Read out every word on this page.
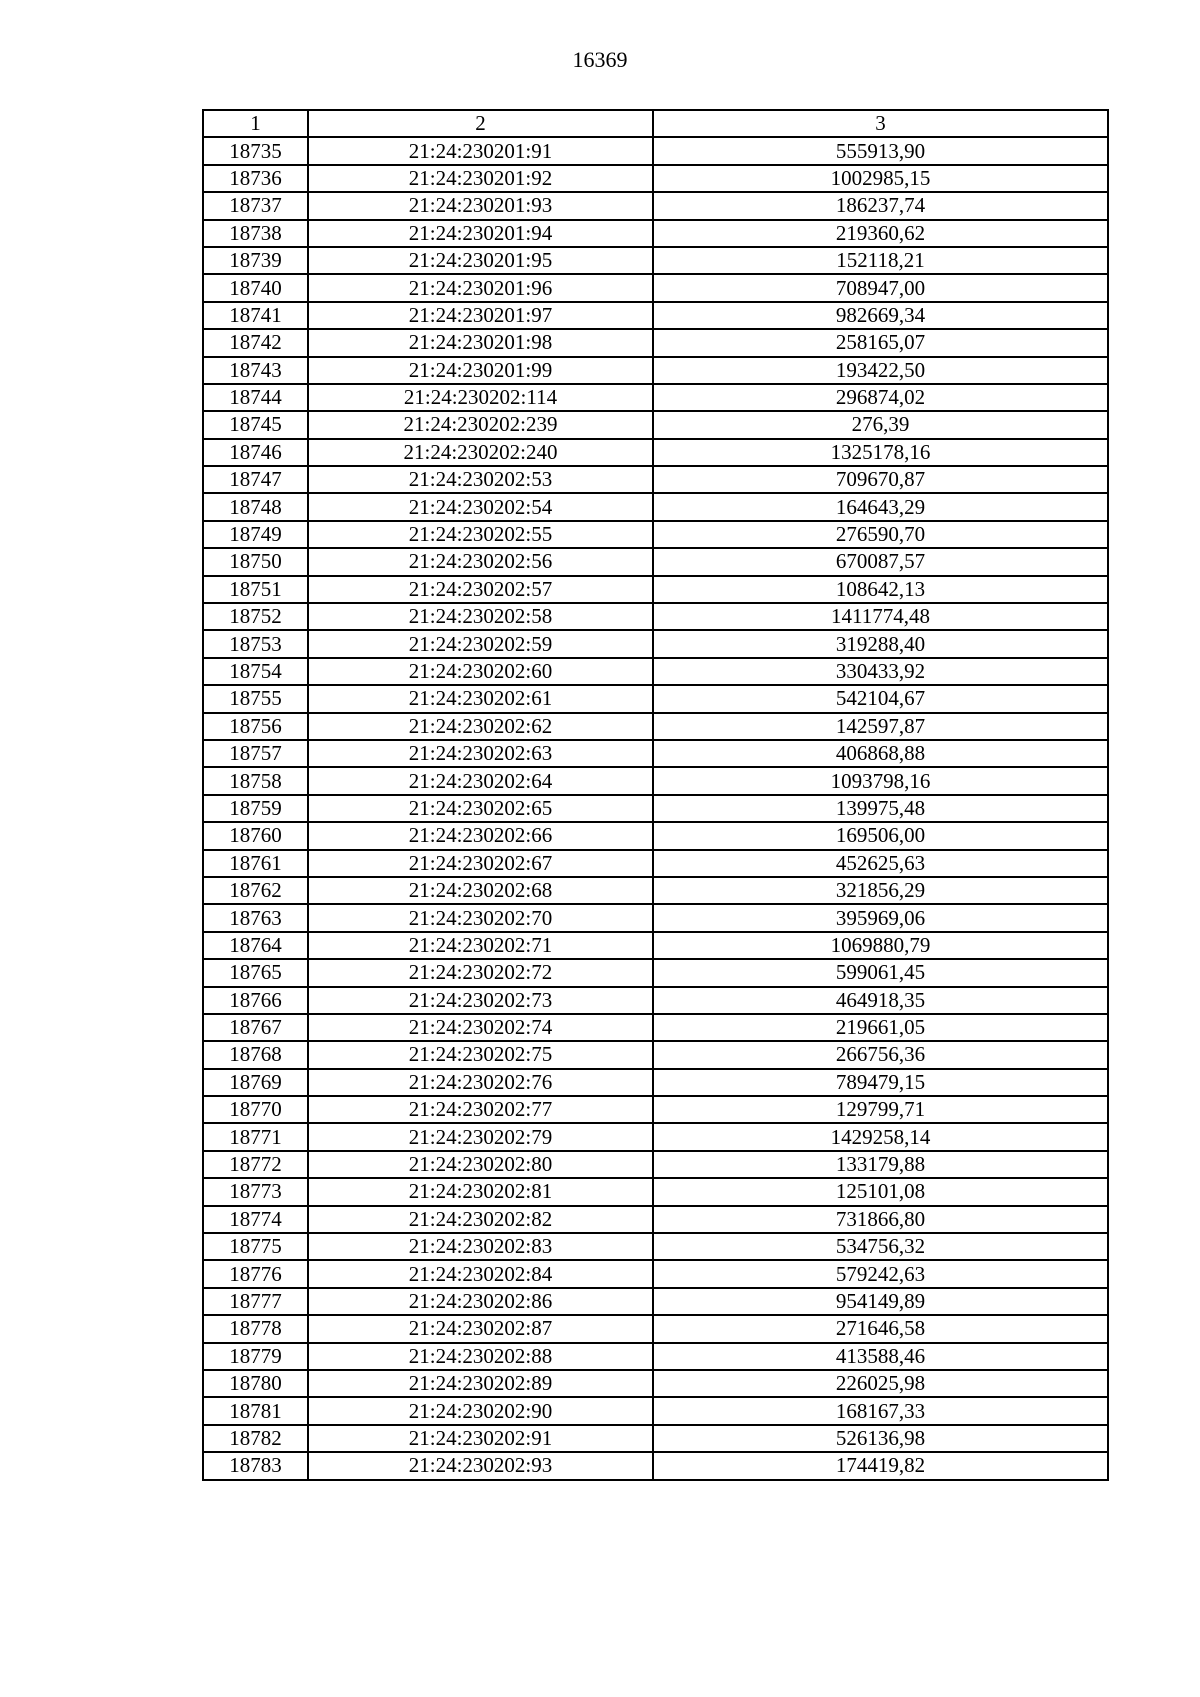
16369
1	2	3
18735	21:24:230201:91	555913,90
18736	21:24:230201:92	1002985,15
18737	21:24:230201:93	186237,74
18738	21:24:230201:94	219360,62
18739	21:24:230201:95	152118,21
18740	21:24:230201:96	708947,00
18741	21:24:230201:97	982669,34
18742	21:24:230201:98	258165,07
18743	21:24:230201:99	193422,50
18744	21:24:230202:114	296874,02
18745	21:24:230202:239	276,39
18746	21:24:230202:240	1325178,16
18747	21:24:230202:53	709670,87
18748	21:24:230202:54	164643,29
18749	21:24:230202:55	276590,70
18750	21:24:230202:56	670087,57
18751	21:24:230202:57	108642,13
18752	21:24:230202:58	1411774,48
18753	21:24:230202:59	319288,40
18754	21:24:230202:60	330433,92
18755	21:24:230202:61	542104,67
18756	21:24:230202:62	142597,87
18757	21:24:230202:63	406868,88
18758	21:24:230202:64	1093798,16
18759	21:24:230202:65	139975,48
18760	21:24:230202:66	169506,00
18761	21:24:230202:67	452625,63
18762	21:24:230202:68	321856,29
18763	21:24:230202:70	395969,06
18764	21:24:230202:71	1069880,79
18765	21:24:230202:72	599061,45
18766	21:24:230202:73	464918,35
18767	21:24:230202:74	219661,05
18768	21:24:230202:75	266756,36
18769	21:24:230202:76	789479,15
18770	21:24:230202:77	129799,71
18771	21:24:230202:79	1429258,14
18772	21:24:230202:80	133179,88
18773	21:24:230202:81	125101,08
18774	21:24:230202:82	731866,80
18775	21:24:230202:83	534756,32
18776	21:24:230202:84	579242,63
18777	21:24:230202:86	954149,89
18778	21:24:230202:87	271646,58
18779	21:24:230202:88	413588,46
18780	21:24:230202:89	226025,98
18781	21:24:230202:90	168167,33
18782	21:24:230202:91	526136,98
18783	21:24:230202:93	174419,82
